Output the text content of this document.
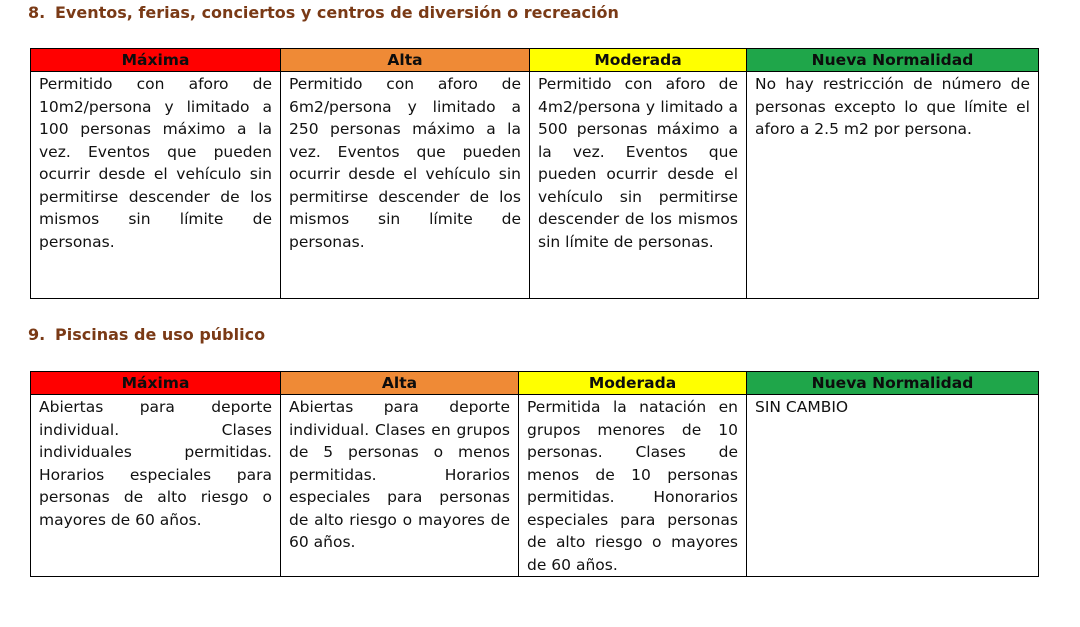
8. Eventos, ferias, conciertos y centros de diversión o recreación
Máxima	Alta	Moderada	Nueva Normalidad
Permitido con aforo de 10m2/persona y limitado a 100 personas máximo a la vez. Eventos que pueden ocurrir desde el vehículo sin permitirse descender de los mismos sin límite de personas.	Permitido con aforo de 6m2/persona y limitado a 250 personas máximo a la vez. Eventos que pueden ocurrir desde el vehículo sin permitirse descender de los mismos sin límite de personas.	Permitido con aforo de 4m2/persona y limitado a 500 personas máximo a la vez. Eventos que pueden ocurrir desde el vehículo sin permitirse descender de los mismos sin límite de personas.	No hay restricción de número de personas excepto lo que límite el aforo a 2.5 m2 por persona.
9. Piscinas de uso público
Máxima	Alta	Moderada	Nueva Normalidad
Abiertas para deporte individual. Clases individuales permitidas. Horarios especiales para personas de alto riesgo o mayores de 60 años.	Abiertas para deporte individual. Clases en grupos de 5 personas o menos permitidas. Horarios especiales para personas de alto riesgo o mayores de 60 años.	Permitida la natación en grupos menores de 10 personas. Clases de menos de 10 personas permitidas. Honorarios especiales para personas de alto riesgo o mayores de 60 años.	SIN CAMBIO
